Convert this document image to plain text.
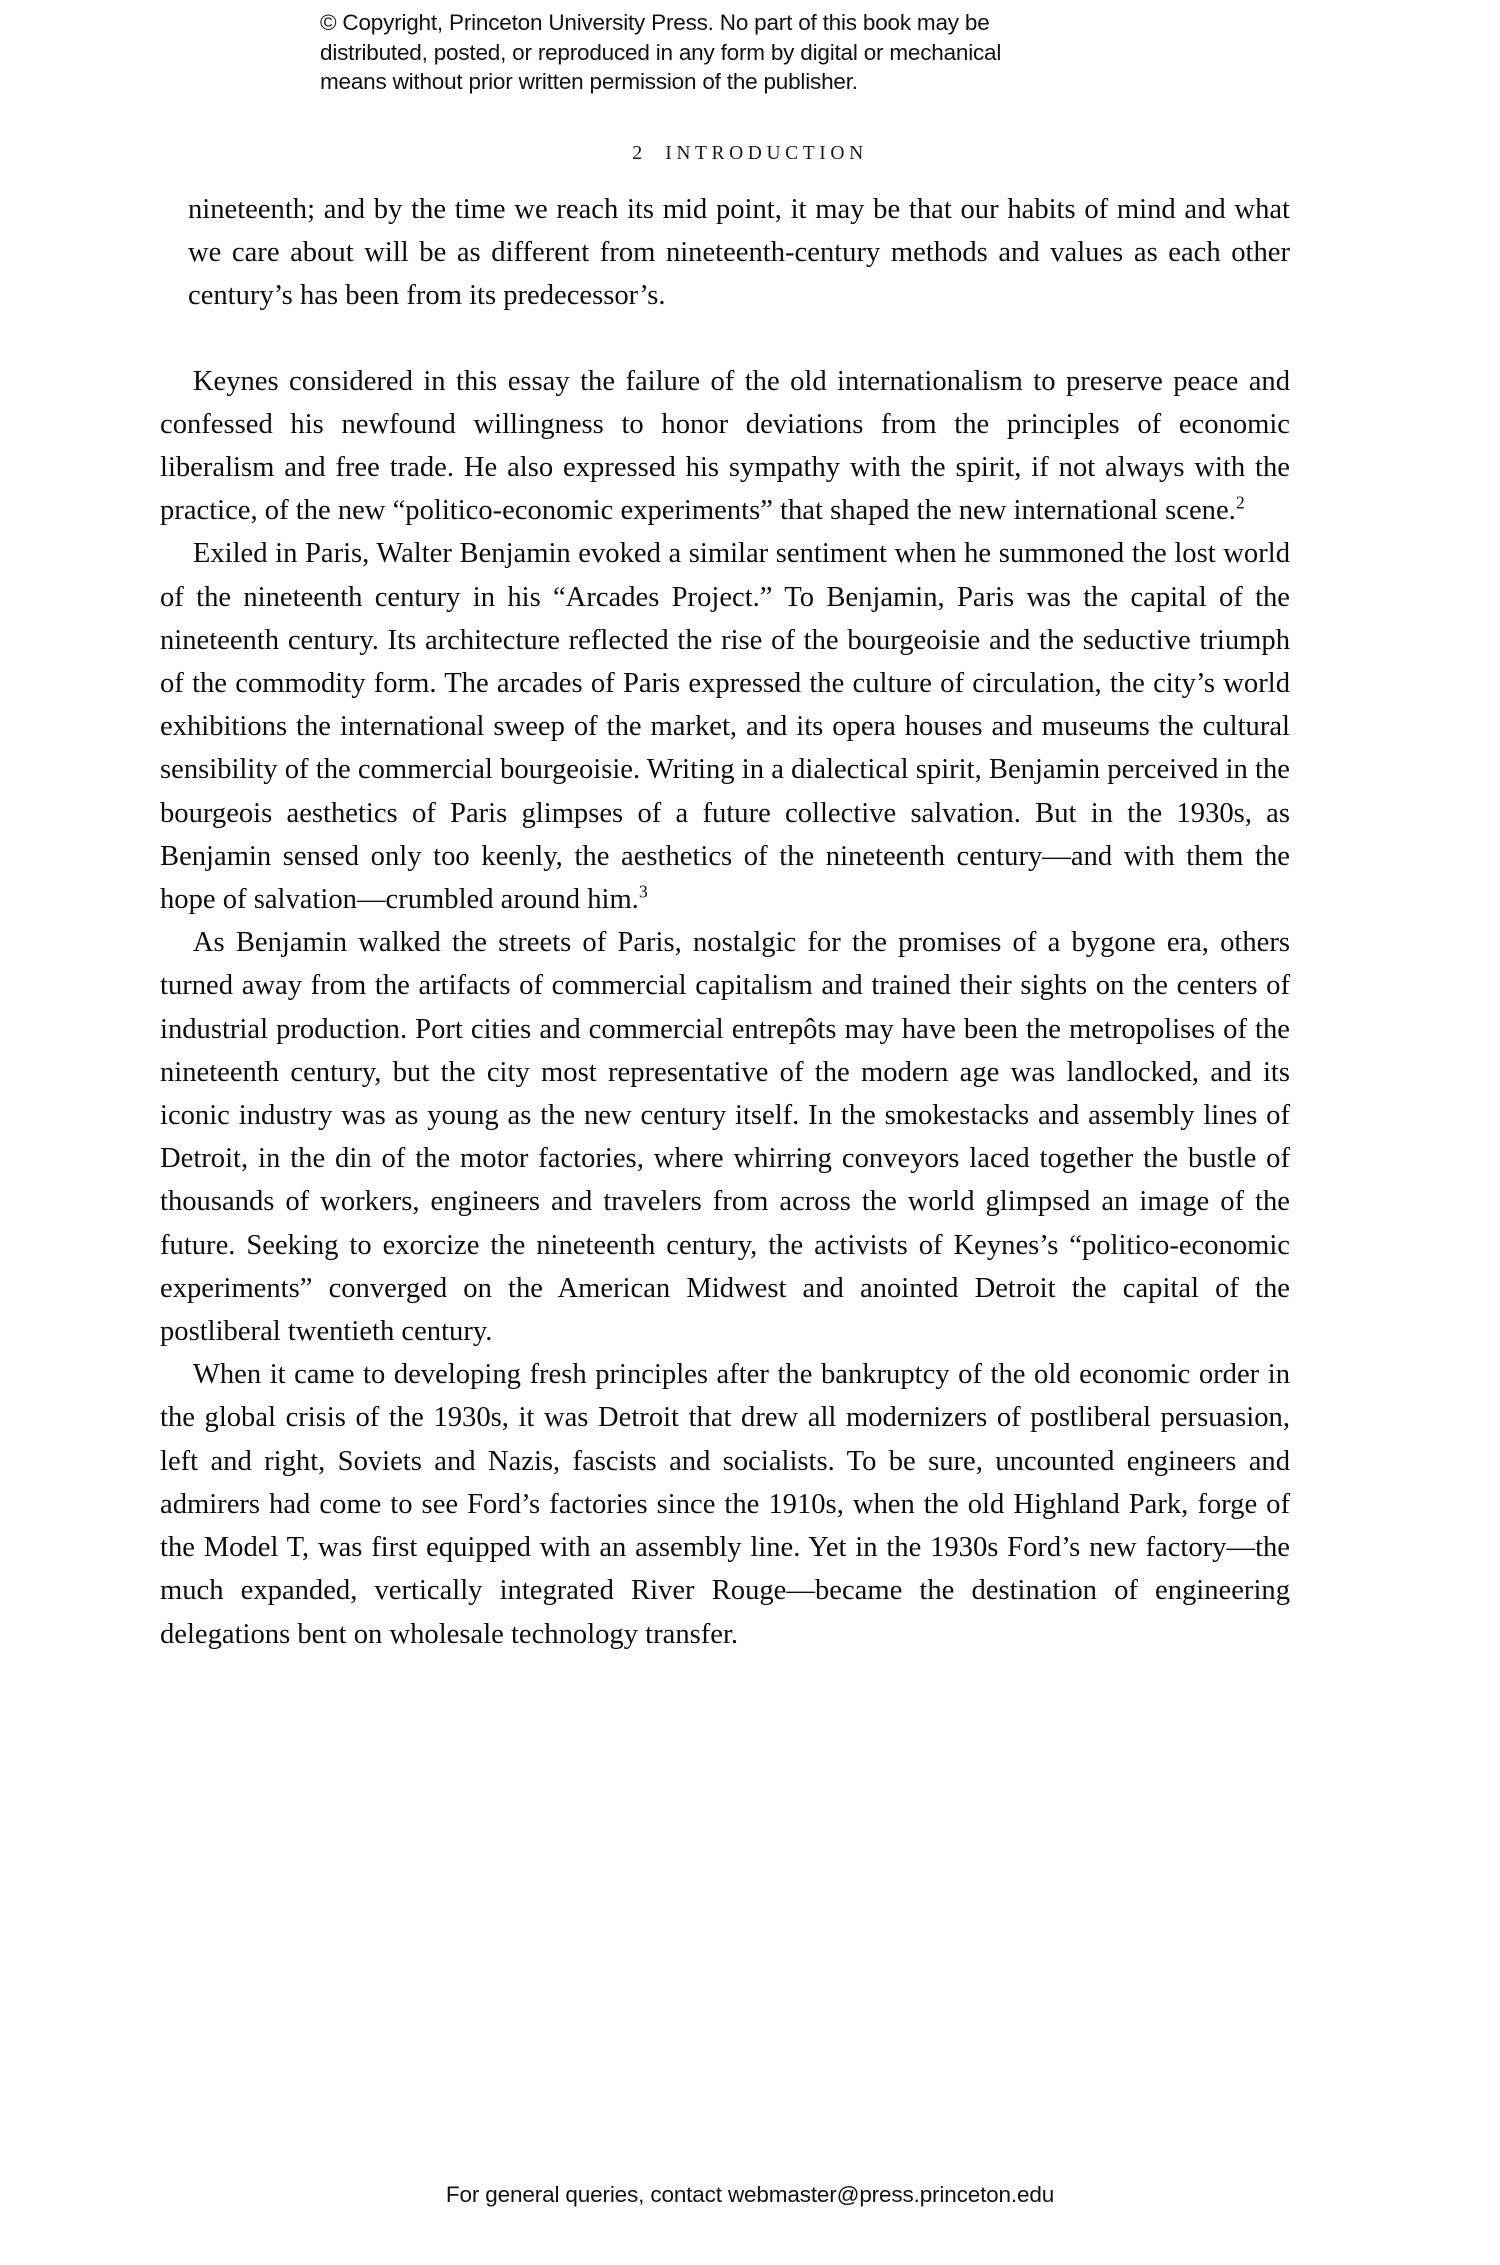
© Copyright, Princeton University Press. No part of this book may be
distributed, posted, or reproduced in any form by digital or mechanical
means without prior written permission of the publisher.
2 INTRODUCTION

nineteenth; and by the time we reach its mid point, it may be that our habits of mind and what we care about will be as different from nineteenth-century methods and values as each other century’s has been from its predecessor’s.

Keynes considered in this essay the failure of the old internationalism to preserve peace and confessed his newfound willingness to honor deviations from the principles of economic liberalism and free trade. He also expressed his sympathy with the spirit, if not always with the practice, of the new “politico-economic experiments” that shaped the new international scene.$^2$

Exiled in Paris, Walter Benjamin evoked a similar sentiment when he summoned the lost world of the nineteenth century in his “Arcades Project.” To Benjamin, Paris was the capital of the nineteenth century. Its architecture reflected the rise of the bourgeoisie and the seductive triumph of the commodity form. The arcades of Paris expressed the culture of circulation, the city’s world exhibitions the international sweep of the market, and its opera houses and museums the cultural sensibility of the commercial bourgeoisie. Writing in a dialectical spirit, Benjamin perceived in the bourgeois aesthetics of Paris glimpses of a future collective salvation. But in the 1930s, as Benjamin sensed only too keenly, the aesthetics of the nineteenth century—and with them the hope of salvation—crumbled around him.$^3$

As Benjamin walked the streets of Paris, nostalgic for the promises of a bygone era, others turned away from the artifacts of commercial capitalism and trained their sights on the centers of industrial production. Port cities and commercial entrepôts may have been the metropolises of the nineteenth century, but the city most representative of the modern age was landlocked, and its iconic industry was as young as the new century itself. In the smokestacks and assembly lines of Detroit, in the din of the motor factories, where whirring conveyors laced together the bustle of thousands of workers, engineers and travelers from across the world glimpsed an image of the future. Seeking to exorcize the nineteenth century, the activists of Keynes’s “politico-economic experiments” converged on the American Midwest and anointed Detroit the capital of the postliberal twentieth century.

When it came to developing fresh principles after the bankruptcy of the old economic order in the global crisis of the 1930s, it was Detroit that drew all modernizers of postliberal persuasion, left and right, Soviets and Nazis, fascists and socialists. To be sure, uncounted engineers and admirers had come to see Ford’s factories since the 1910s, when the old Highland Park, forge of the Model T, was first equipped with an assembly line. Yet in the 1930s Ford’s new factory—the much expanded, vertically integrated River Rouge—became the destination of engineering delegations bent on wholesale technology transfer.

For general queries, contact webmaster@press.princeton.edu
